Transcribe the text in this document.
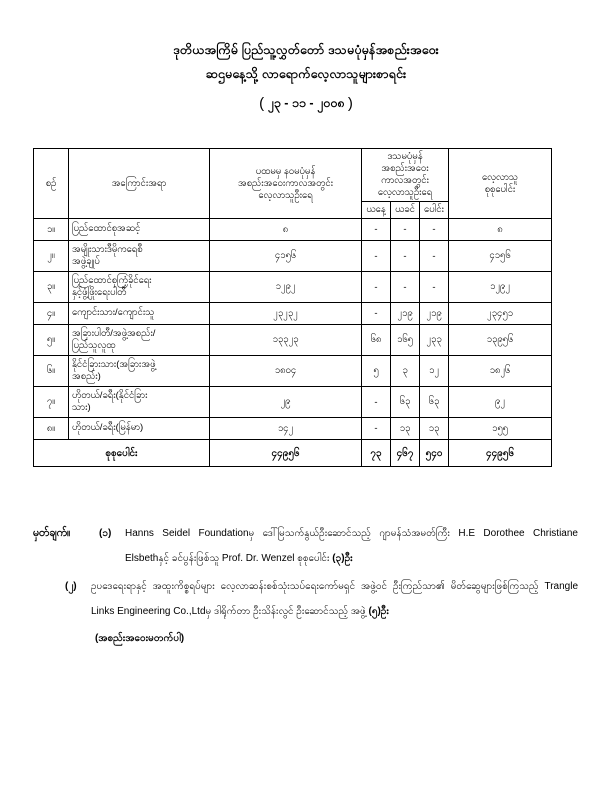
ဒုတိယအကြိမ် ပြည်သူ့လွှတ်တော် ဒသမပုံမှန်အစည်းအဝေး
ဆဌမနေ့သို့ လာရောက်လေ့လာသူများစာရင်း
( ၂၃ - ၁၁ - ၂၀၀၈ )
စဉ်	အကြောင်းအရာ	
ပထမမှ နဝမပုံမှန်
အစည်းအဝေးကာလအတွင်း
လေ့လာသူဦးရေ

ဒသမပုံမှန်အစည်းအဝေး
ကာလအတွင်း
လေ့လာသူဦးရေ

လေ့လာသူ
စုစုပေါင်း

			ယနေ့	ယခင်	ပေါင်း	
၁။	ပြည်ထောင်စုအဆင့်	၈	-	-	-	၈
၂။	အမျိုးသားဒီမိုကရေစီ
အဖွဲ့ချုပ်	၄၁၅၆	-	-	-	၄၁၅၆
၃။	ပြည်ထောင်စုကြံ့ခိုင်ရေး
နှင့်ဖွံ့ဖြိုးရေးပါတီ	၁၂၉၂	-	-	-	၁၂၉၂
၄။	ကျောင်းသား/ကျောင်းသူ	၂၃၂၃၂	-	၂၁၉	၂၁၉	၂၃၄၅၁
၅။	အခြားပါတီ/အဖွဲ့အစည်း/
ပြည်သူလူထု	၁၃၃၂၃	၆၈	၁၆၅	၂၃၃	၁၃၉၅၆
၆။	နိုင်ငံခြားသား(အခြားအဖွဲ့
အစည်း)	၁၈၀၄	၅	၃	၁၂	၁၈၂၆
၇။	ဟိုတယ်/ခရီး(နိုင်ငံခြား
သား)	၂၉	-	၆၃	၆၃	၉၂
၈။	ဟိုတယ်/ခရီး(မြန်မာ)	၁၄၂	-	၁၃	၁၃	၁၅၅
စုစုပေါင်း		၄၄၉၅၆	၇၃	၄၆၇	၅၄၀	၄၄၉၅၆
မှတ်ချက်။	(၁)	Hanns Seidel Foundationမှ ဒေါ်မြသက်နွယ်ဦးဆောင်သည့် ဂျာမန်သံအမတ်ကြီး H.E Dorothee Christiane Elsbethနှင့် ခင်ပွန်းဖြစ်သူ Prof. Dr. Wenzel စုစုပေါင်း (၃)ဦး
(၂)	ဥပဒေရေးရာနှင့် အထူးကိစ္စရပ်များ လေ့လာဆန်းစစ်သုံးသပ်ရေးကော်မရှင် အဖွဲ့ဝင် ဦးကြည်သာ၏ မိတ်ဆွေများဖြစ်ကြသည့် Trangle Links Engineering Co.,Ltdမှ ဒါရိုက်တာ ဦးသိန်းလွင် ဦးဆောင်သည့် အဖွဲ့ (၅)ဦး
(အစည်းအဝေးမတက်ပါ)
